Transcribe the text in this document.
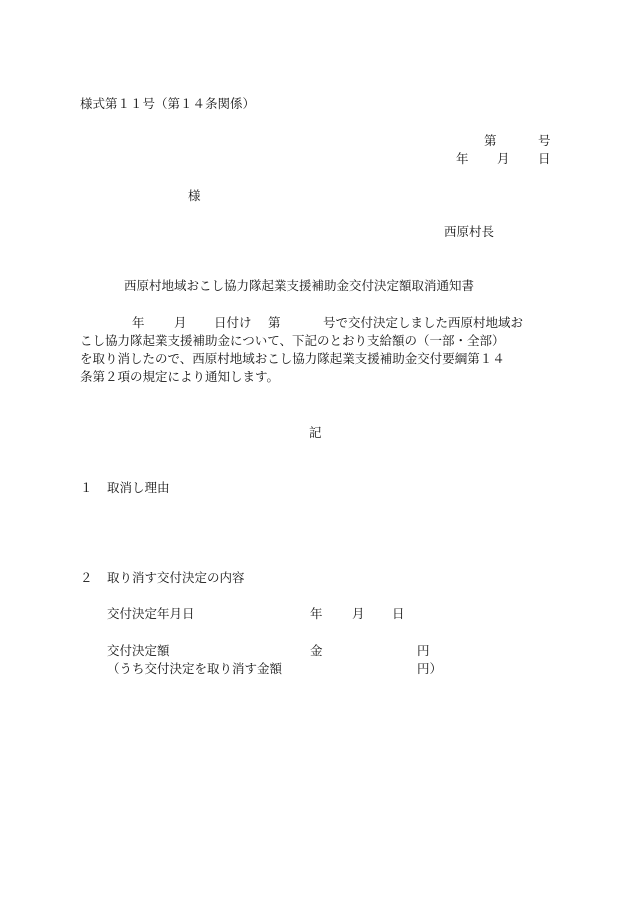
様式第１１号（第１４条関係）
第	号
年 月 日
様
西原村長
西原村地域おこし協力隊起業支援補助金交付決定額取消通知書
年 月 日付け 第	号で交付決定しました西原村地域お
こし協力隊起業支援補助金について、下記のとおり支給額の（一部・全部）
を取り消したので、西原村地域おこし協力隊起業支援補助金交付要綱第１４
条第２項の規定により通知します。
記
１ 取消し理由
２ 取り消す交付決定の内容
交付決定年月日	年 月 日
交付決定額	金	円
（うち交付決定を取り消す金額	円）
